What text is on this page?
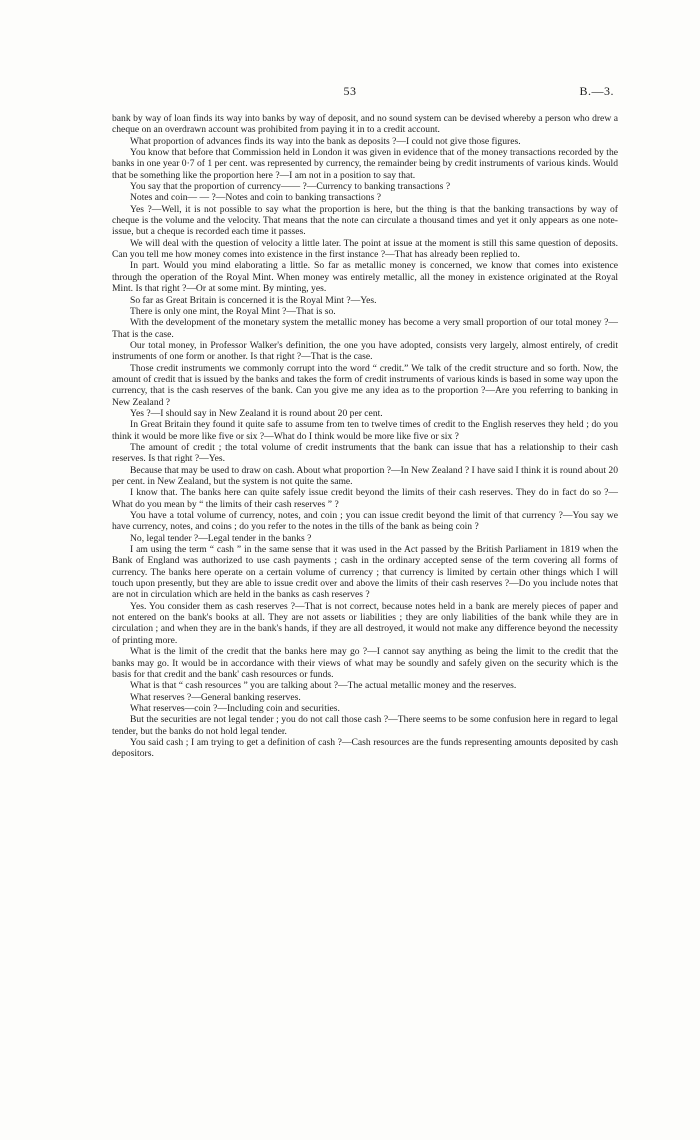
53	B.—3.

bank by way of loan finds its way into banks by way of deposit, and no sound system can be devised whereby a person who drew a cheque on an overdrawn account was prohibited from paying it in to a credit account.

What proportion of advances finds its way into the bank as deposits ?—I could not give those figures.

You know that before that Commission held in London it was given in evidence that of the money transactions recorded by the banks in one year 0·7 of 1 per cent. was represented by currency, the remainder being by credit instruments of various kinds. Would that be something like the proportion here ?—I am not in a position to say that.

You say that the proportion of currency—— ?—Currency to banking transactions ?

Notes and coin— — ?—Notes and coin to banking transactions ?

Yes ?—Well, it is not possible to say what the proportion is here, but the thing is that the banking transactions by way of cheque is the volume and the velocity. That means that the note can circulate a thousand times and yet it only appears as one note-issue, but a cheque is recorded each time it passes.

We will deal with the question of velocity a little later. The point at issue at the moment is still this same question of deposits. Can you tell me how money comes into existence in the first instance ?—That has already been replied to.

In part. Would you mind elaborating a little. So far as metallic money is concerned, we know that comes into existence through the operation of the Royal Mint. When money was entirely metallic, all the money in existence originated at the Royal Mint. Is that right ?—Or at some mint. By minting, yes.

So far as Great Britain is concerned it is the Royal Mint ?—Yes.

There is only one mint, the Royal Mint ?—That is so.

With the development of the monetary system the metallic money has become a very small proportion of our total money ?—That is the case.

Our total money, in Professor Walker's definition, the one you have adopted, consists very largely, almost entirely, of credit instruments of one form or another. Is that right ?—That is the case.

Those credit instruments we commonly corrupt into the word “ credit.” We talk of the credit structure and so forth. Now, the amount of credit that is issued by the banks and takes the form of credit instruments of various kinds is based in some way upon the currency, that is the cash reserves of the bank. Can you give me any idea as to the proportion ?—Are you referring to banking in New Zealand ?

Yes ?—I should say in New Zealand it is round about 20 per cent.

In Great Britain they found it quite safe to assume from ten to twelve times of credit to the English reserves they held ; do you think it would be more like five or six ?—What do I think would be more like five or six ?

The amount of credit ; the total volume of credit instruments that the bank can issue that has a relationship to their cash reserves. Is that right ?—Yes.

Because that may be used to draw on cash. About what proportion ?—In New Zealand ? I have said I think it is round about 20 per cent. in New Zealand, but the system is not quite the same.

I know that. The banks here can quite safely issue credit beyond the limits of their cash reserves. They do in fact do so ?—What do you mean by “ the limits of their cash reserves ” ?

You have a total volume of currency, notes, and coin ; you can issue credit beyond the limit of that currency ?—You say we have currency, notes, and coins ; do you refer to the notes in the tills of the bank as being coin ?

No, legal tender ?—Legal tender in the banks ?

I am using the term “ cash ” in the same sense that it was used in the Act passed by the British Parliament in 1819 when the Bank of England was authorized to use cash payments ; cash in the ordinary accepted sense of the term covering all forms of currency. The banks here operate on a certain volume of currency ; that currency is limited by certain other things which I will touch upon presently, but they are able to issue credit over and above the limits of their cash reserves ?—Do you include notes that are not in circulation which are held in the banks as cash reserves ?

Yes. You consider them as cash reserves ?—That is not correct, because notes held in a bank are merely pieces of paper and not entered on the bank's books at all. They are not assets or liabilities ; they are only liabilities of the bank while they are in circulation ; and when they are in the bank's hands, if they are all destroyed, it would not make any difference beyond the necessity of printing more.

What is the limit of the credit that the banks here may go ?—I cannot say anything as being the limit to the credit that the banks may go. It would be in accordance with their views of what may be soundly and safely given on the security which is the basis for that credit and the bank' cash resources or funds.

What is that “ cash resources ” you are talking about ?—The actual metallic money and the reserves.

What reserves ?—General banking reserves.

What reserves—coin ?—Including coin and securities.

But the securities are not legal tender ; you do not call those cash ?—There seems to be some confusion here in regard to legal tender, but the banks do not hold legal tender.

You said cash ; I am trying to get a definition of cash ?—Cash resources are the funds representing amounts deposited by cash depositors.
